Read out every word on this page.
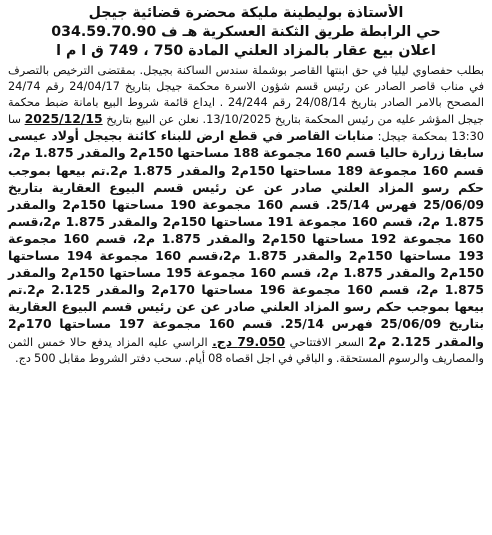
الأستاذة بوليطينة مليكة محضرة قضائية جيجل
حي الرابطة طريق الثكنة العسكرية هـ ف 034.59.70.90
اعلان بيع عقار بالمزاد العلني المادة 750 ، 749 ق ا م ا

بطلب حفصاوي ليليا في حق ابنتها القاصر بوشملة سندس الساكنة بجيجل. بمقتضى الترخيص بالتصرف في مناب قاصر الصادر عن رئيس قسم شؤون الاسرة محكمة جيجل بتاريخ 24/04/17 رقم 24/74 المصحح بالامر الصادر بتاريخ 24/08/14 رقم 24/244 . ايداع قائمة شروط البيع بامانة ضبط محكمة جيجل المؤشر عليه من رئيس المحكمة بتاريخ 13/10/2025. نعلن عن البيع بتاريخ 2025/12/15 سا 13:30 بمحكمة جيجل: منابات القاصر في قطع ارض للبناء كائنة بجيجل أولاد عيسى سابقا زرارة حاليا قسم 160 مجموعة 188 مساحتها 150م2 والمقدر 1.875 م2، قسم 160 مجموعة 189 مساحتها 150م2 والمقدر 1.875 م2.تم بيعها بموجب حكم رسو المزاد العلني صادر عن عن رئيس قسم البيوع العقارية بتاريخ 25/06/09 فهرس 25/14. قسم 160 مجموعة 190 مساحتها 150م2 والمقدر 1.875 م2، قسم 160 مجموعة 191 مساحتها 150م2 والمقدر 1.875 م2،قسم 160 مجموعة 192 مساحتها 150م2 والمقدر 1.875 م2، قسم 160 مجموعة 193 مساحتها 150م2 والمقدر 1.875 م2،قسم 160 مجموعة 194 مساحتها 150م2 والمقدر 1.875 م2، قسم 160 مجموعة 195 مساحتها 150م2 والمقدر 1.875 م2، قسم 160 مجموعة 196 مساحتها 170م2 والمقدر 2.125 م2.تم بيعها بموجب حكم رسو المزاد العلني صادر عن عن رئيس قسم البيوع العقارية بتاريخ 25/06/09 فهرس 25/14. قسم 160 مجموعة 197 مساحتها 170م2 والمقدر 2.125 م2 السعر الافتتاحي 79.050 دج. الراسي عليه المزاد يدفع حالا خمس الثمن والمصاريف والرسوم المستحقة. و الباقي في اجل اقصاه 08 أيام. سحب دفتر الشروط مقابل 500 دج.
